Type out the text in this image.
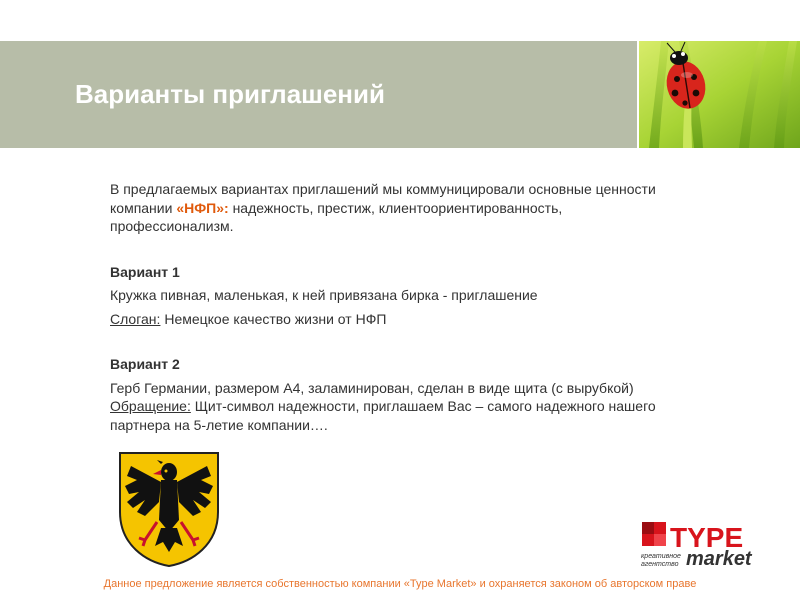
Варианты приглашений

В предлагаемых вариантах приглашений мы коммуницировали основные ценности

компании «НФП»: надежность, престиж, клиентоориентированность,

профессионализм.

Вариант 1

Кружка пивная, маленькая, к ней привязана бирка - приглашение

Слоган: Немецкое качество жизни от НФП

Вариант 2

Герб Германии, размером А4, заламинирован, сделан в виде щита (с вырубкой)

Обращение: Щит-символ надежности, приглашаем Вас – самого надежного нашего

партнера на 5-летие компании….

TYPE
market
креативное
агентство
Данное предложение является собственностью компании «Type Market» и охраняется законом об авторском праве
